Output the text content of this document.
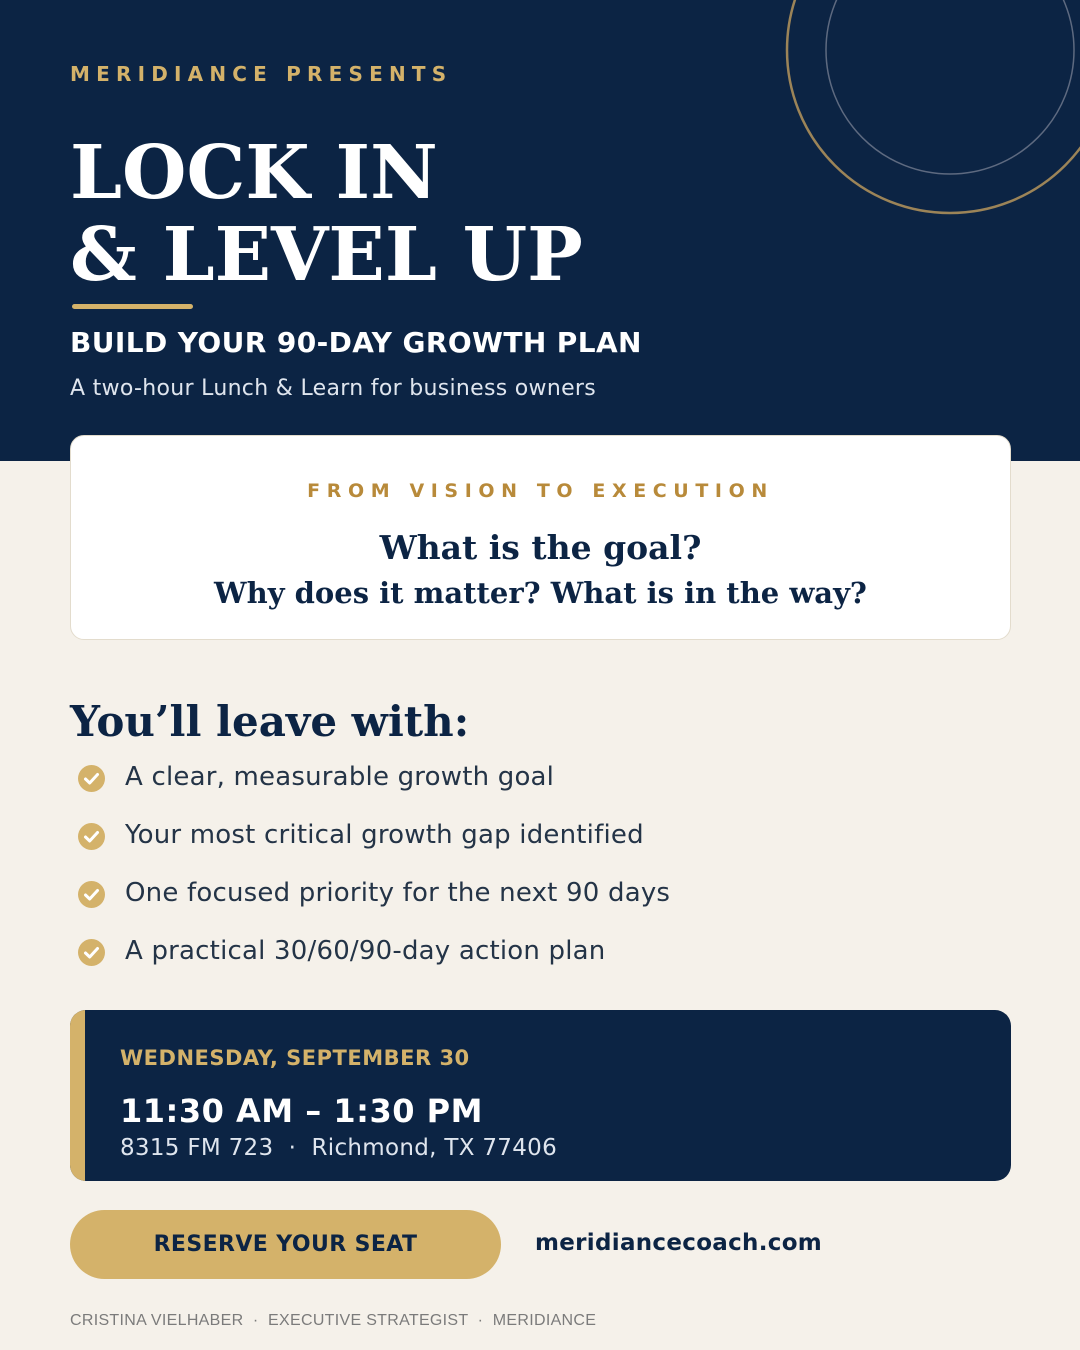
MERIDIANCE PRESENTS
LOCK IN
& LEVEL UP
BUILD YOUR 90-DAY GROWTH PLAN
A two-hour Lunch & Learn for business owners
FROM VISION TO EXECUTION
What is the goal?
Why does it matter? What is in the way?
You’ll leave with:
A clear, measurable growth goal
Your most critical growth gap identified
One focused priority for the next 90 days
A practical 30/60/90-day action plan
WEDNESDAY, SEPTEMBER 30
11:30 AM – 1:30 PM
8315 FM 723  ·  Richmond, TX 77406
RESERVE YOUR SEAT	meridiancecoach.com
CRISTINA VIELHABER  ·  EXECUTIVE STRATEGIST  ·  MERIDIANCE
